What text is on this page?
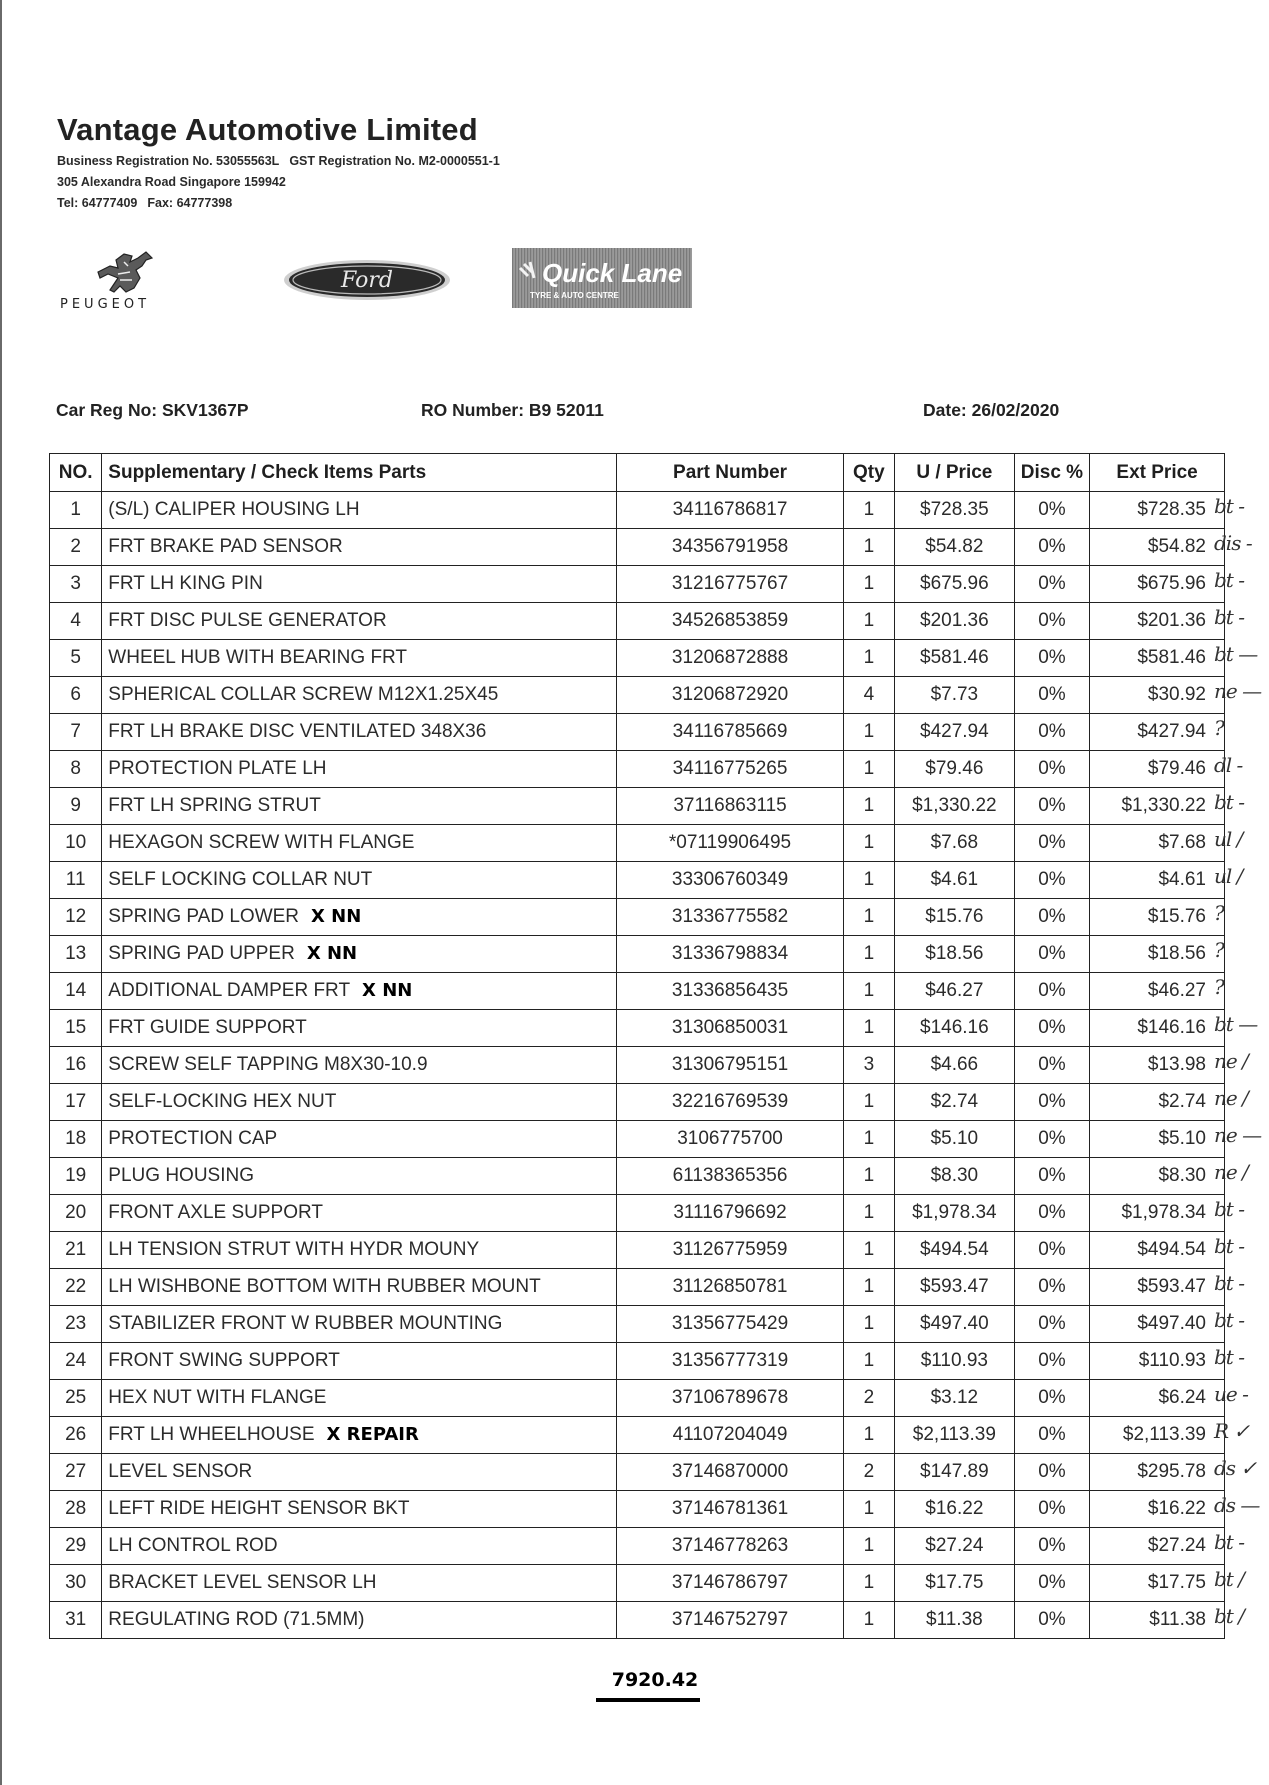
Vantage Automotive Limited
Business Registration No. 53055563L GST Registration No. M2-0000551-1
305 Alexandra Road Singapore 159942
Tel: 64777409 Fax: 64777398
PEUGEOT
Ford	Quick Lane
TYRE & AUTO CENTRE
Car Reg No: SKV1367P	RO Number: B9 52011	Date: 26/02/2020
NO.	Supplementary / Check Items Parts	Part Number	Qty	U / Price	Disc %	Ext Price
1	(S/L) CALIPER HOUSING LH	34116786817	1	$728.35	0%	$728.35 bt -

2	FRT BRAKE PAD SENSOR	34356791958	1	$54.82	0%	$54.82 dis -

3	FRT LH KING PIN	31216775767	1	$675.96	0%	$675.96 bt -

4	FRT DISC PULSE GENERATOR	34526853859	1	$201.36	0%	$201.36 bt -

5	WHEEL HUB WITH BEARING FRT	31206872888	1	$581.46	0%	$581.46 bt —

6	SPHERICAL COLLAR SCREW M12X1.25X45	31206872920	4	$7.73	0%	$30.92 ne —

7	FRT LH BRAKE DISC VENTILATED 348X36	34116785669	1	$427.94	0%	$427.94 ?

8	PROTECTION PLATE LH	34116775265	1	$79.46	0%	$79.46 dl -

9	FRT LH SPRING STRUT	37116863115	1	$1,330.22	0%	$1,330.22 bt -

10	HEXAGON SCREW WITH FLANGE	*07119906495	1	$7.68	0%	$7.68 ul /

11	SELF LOCKING COLLAR NUT	33306760349	1	$4.61	0%	$4.61 ul /

12	SPRING PAD LOWER X NN	31336775582	1	$15.76	0%	$15.76 ?

13	SPRING PAD UPPER X NN	31336798834	1	$18.56	0%	$18.56 ?

14	ADDITIONAL DAMPER FRT X NN	31336856435	1	$46.27	0%	$46.27 ?

15	FRT GUIDE SUPPORT	31306850031	1	$146.16	0%	$146.16 bt —

16	SCREW SELF TAPPING M8X30-10.9	31306795151	3	$4.66	0%	$13.98 ne /

17	SELF-LOCKING HEX NUT	32216769539	1	$2.74	0%	$2.74 ne /

18	PROTECTION CAP	3106775700	1	$5.10	0%	$5.10 ne —

19	PLUG HOUSING	61138365356	1	$8.30	0%	$8.30 ne /

20	FRONT AXLE SUPPORT	31116796692	1	$1,978.34	0%	$1,978.34 bt -

21	LH TENSION STRUT WITH HYDR MOUNY	31126775959	1	$494.54	0%	$494.54 bt -

22	LH WISHBONE BOTTOM WITH RUBBER MOUNT	31126850781	1	$593.47	0%	$593.47 bt -

23	STABILIZER FRONT W RUBBER MOUNTING	31356775429	1	$497.40	0%	$497.40 bt -

24	FRONT SWING SUPPORT	31356777319	1	$110.93	0%	$110.93 bt -

25	HEX NUT WITH FLANGE	37106789678	2	$3.12	0%	$6.24 ue -

26	FRT LH WHEELHOUSE X REPAIR	41107204049	1	$2,113.39	0%	$2,113.39 R ✓

27	LEVEL SENSOR	37146870000	2	$147.89	0%	$295.78 ds ✓

28	LEFT RIDE HEIGHT SENSOR BKT	37146781361	1	$16.22	0%	$16.22 ds —

29	LH CONTROL ROD	37146778263	1	$27.24	0%	$27.24 bt -

30	BRACKET LEVEL SENSOR LH	37146786797	1	$17.75	0%	$17.75 bt /

31	REGULATING ROD (71.5MM)	37146752797	1	$11.38	0%	$11.38 bt /
7920.42
